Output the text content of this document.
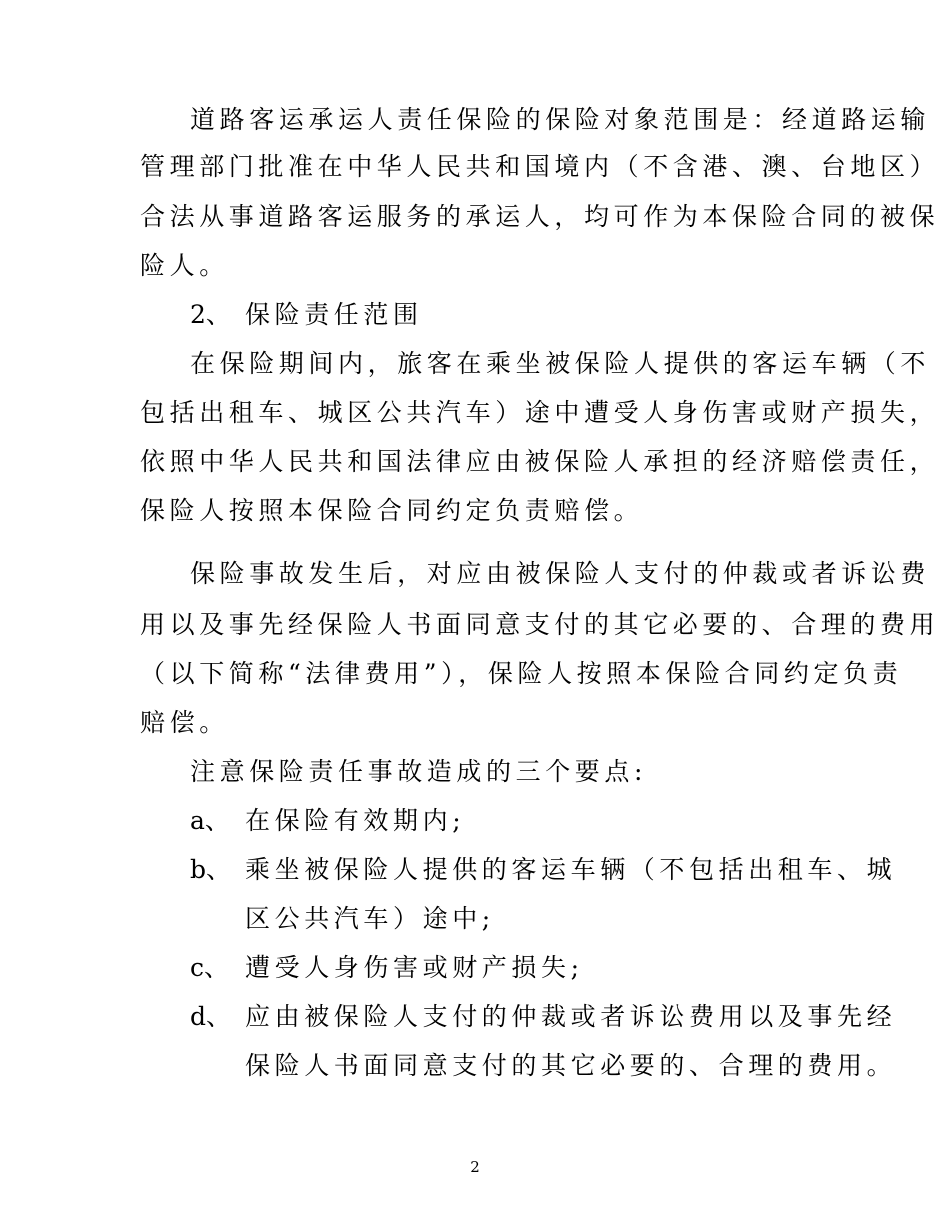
道路客运承运人责任保险的保险对象范围是：经道路运输
管理部门批准在中华人民共和国境内（不含港、澳、台地区）
合法从事道路客运服务的承运人，均可作为本保险合同的被保
险人。
2、 保险责任范围
在保险期间内，旅客在乘坐被保险人提供的客运车辆（不
包括出租车、城区公共汽车）途中遭受人身伤害或财产损失，
依照中华人民共和国法律应由被保险人承担的经济赔偿责任，
保险人按照本保险合同约定负责赔偿。
保险事故发生后，对应由被保险人支付的仲裁或者诉讼费
用以及事先经保险人书面同意支付的其它必要的、合理的费用
（以下简称“法律费用”），保险人按照本保险合同约定负责
赔偿。
注意保险责任事故造成的三个要点:
a、 在保险有效期内;
b、 乘坐被保险人提供的客运车辆（不包括出租车、城
区公共汽车）途中;
c、 遭受人身伤害或财产损失;
d、 应由被保险人支付的仲裁或者诉讼费用以及事先经
保险人书面同意支付的其它必要的、合理的费用。
2
